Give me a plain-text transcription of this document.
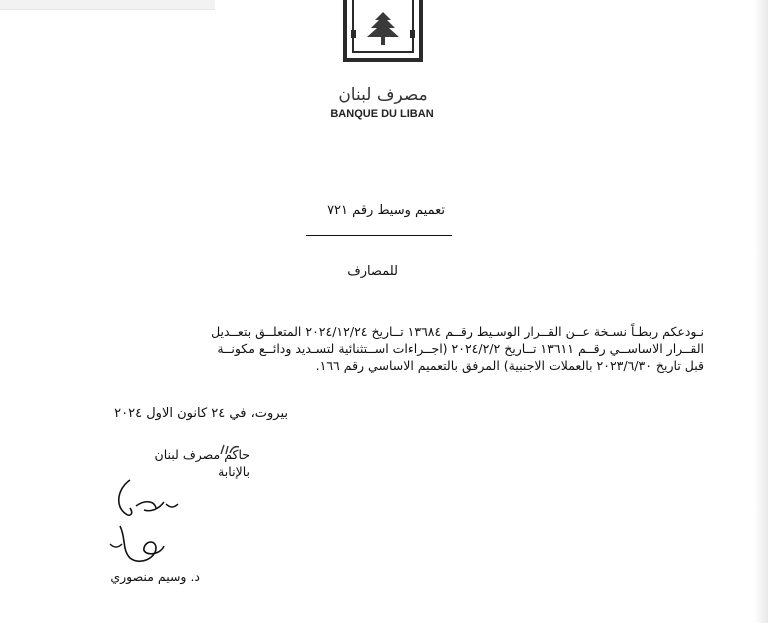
مصرف لبنان
BANQUE DU LIBAN
تعميم وسيط رقم ٧٢١
للمصارف
نـودعكم ربطـاً نسـخة عــن القــرار الوسـيط رقــم ١٣٦٨٤ تــاريخ ٢٠٢٤/١٢/٢٤ المتعلــق بتعــديل
القــرار الاساســي رقــم ١٣٦١١ تــاريخ ٢٠٢٤/٢/٢ (اجــراءات اســتثنائية لتسـديد ودائــع مكونــة
قبل تاريخ ٢٠٢٣/٦/٣٠ بالعملات الاجنبية) المرفق بالتعميم الاساسي رقم ١٦٦.
بيروت، في ٢٤ كانون الاول ٢٠٢٤
حاكم مصرف لبنان
بالإنابة
د. وسيم منصوري
